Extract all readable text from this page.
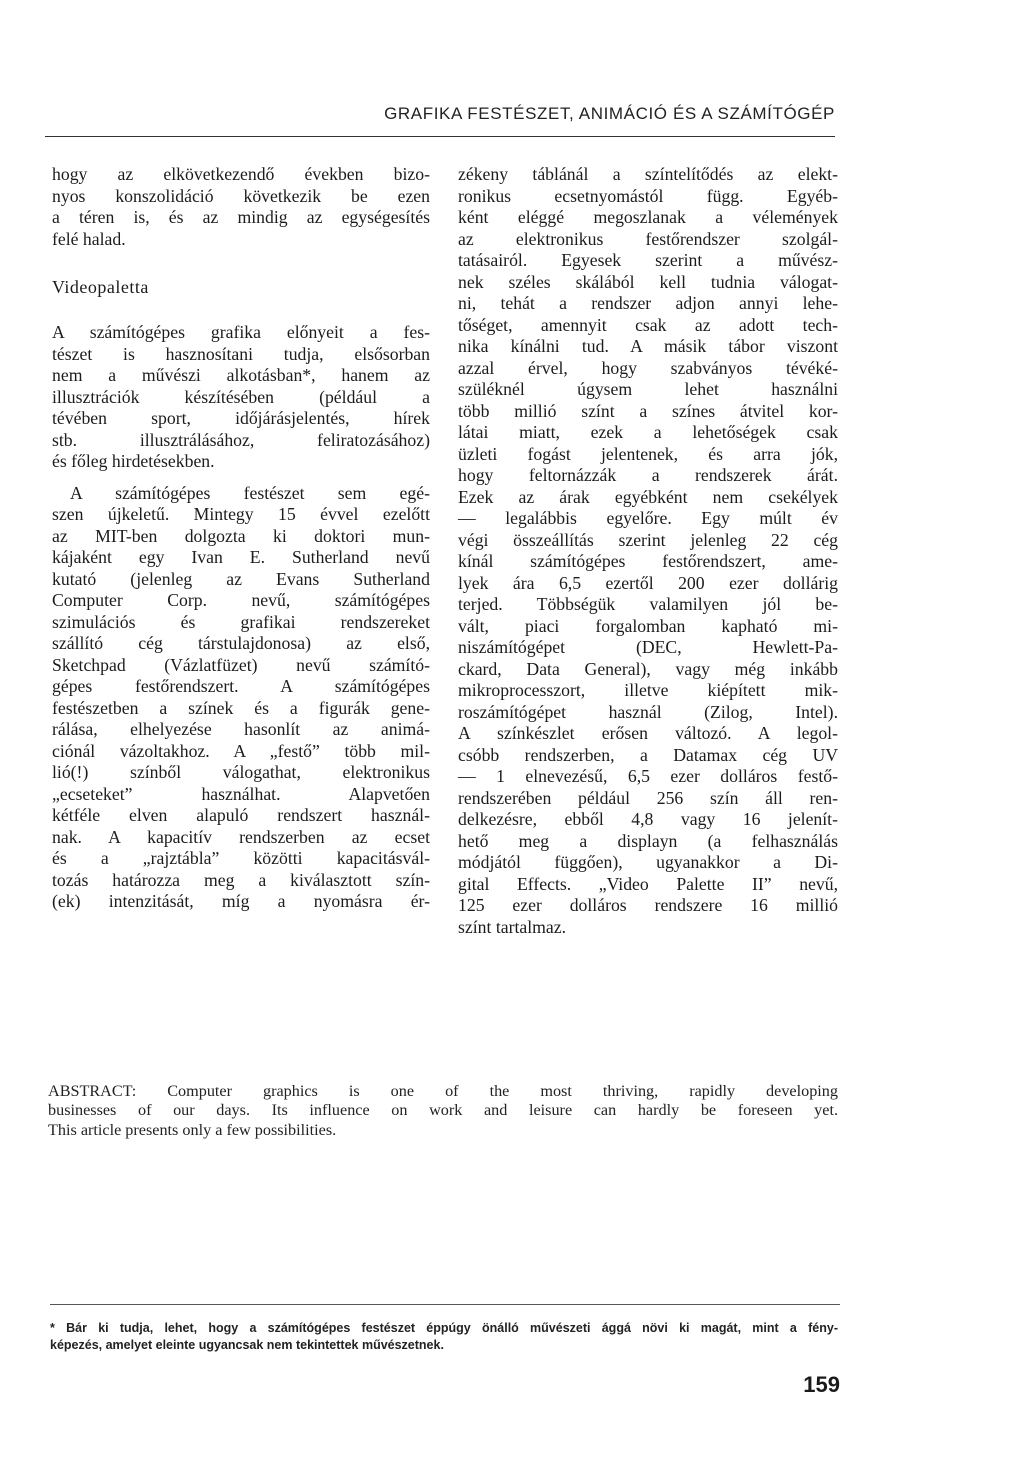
GRAFIKA FESTÉSZET, ANIMÁCIÓ ÉS A SZÁMÍTÓGÉP
hogy az elkövetkezendő években bizo-
nyos konszolidáció következik be ezen
a téren is, és az mindig az egységesítés
felé halad.
Videopaletta
A számítógépes grafika előnyeit a fes-
tészet is hasznosítani tudja, elsősorban
nem a művészi alkotásban*, hanem az
illusztrációk készítésében (például a
tévében sport, időjárásjelentés, hírek
stb. illusztrálásához, feliratozásához)
és főleg hirdetésekben.
A számítógépes festészet sem egé-
szen újkeletű. Mintegy 15 évvel ezelőtt
az MIT-ben dolgozta ki doktori mun-
kájaként egy Ivan E. Sutherland nevű
kutató (jelenleg az Evans Sutherland
Computer Corp. nevű, számítógépes
szimulációs és grafikai rendszereket
szállító cég társtulajdonosa) az első,
Sketchpad (Vázlatfüzet) nevű számító-
gépes festőrendszert. A számítógépes
festészetben a színek és a figurák gene-
rálása, elhelyezése hasonlít az animá-
ciónál vázoltakhoz. A „festő” több mil-
lió(!) színből válogathat, elektronikus
„ecseteket” használhat. Alapvetően
kétféle elven alapuló rendszert használ-
nak. A kapacitív rendszerben az ecset
és a „rajztábla” közötti kapacitásvál-
tozás határozza meg a kiválasztott szín-
(ek) intenzitását, míg a nyomásra ér-
zékeny táblánál a színtelítődés az elekt-
ronikus ecsetnyomástól függ. Egyéb-
ként eléggé megoszlanak a vélemények
az elektronikus festőrendszer szolgál-
tatásairól. Egyesek szerint a művész-
nek széles skálából kell tudnia válogat-
ni, tehát a rendszer adjon annyi lehe-
tőséget, amennyit csak az adott tech-
nika kínálni tud. A másik tábor viszont
azzal érvel, hogy szabványos tévéké-
szüléknél úgysem lehet használni
több millió színt a színes átvitel kor-
látai miatt, ezek a lehetőségek csak
üzleti fogást jelentenek, és arra jók,
hogy feltornázzák a rendszerek árát.
Ezek az árak egyébként nem csekélyek
— legalábbis egyelőre. Egy múlt év
végi összeállítás szerint jelenleg 22 cég
kínál számítógépes festőrendszert, ame-
lyek ára 6,5 ezertől 200 ezer dollárig
terjed. Többségük valamilyen jól be-
vált, piaci forgalomban kapható mi-
niszámítógépet (DEC, Hewlett-Pa-
ckard, Data General), vagy még inkább
mikroprocesszort, illetve kiépített mik-
roszámítógépet használ (Zilog, Intel).
A színkészlet erősen változó. A legol-
csóbb rendszerben, a Datamax cég UV
— 1 elnevezésű, 6,5 ezer dolláros festő-
rendszerében például 256 szín áll ren-
delkezésre, ebből 4,8 vagy 16 jelenít-
hető meg a displayn (a felhasználás
módjától függően), ugyanakkor a Di-
gital Effects. „Video Palette II” nevű,
125 ezer dolláros rendszere 16 millió
színt tartalmaz.
ABSTRACT: Computer graphics is one of the most thriving, rapidly developing
businesses of our days. Its influence on work and leisure can hardly be foreseen yet.
This article presents only a few possibilities.
* Bár ki tudja, lehet, hogy a számítógépes festészet éppúgy önálló művészeti ággá növi ki magát, mint a fény-
képezés, amelyet eleinte ugyancsak nem tekintettek művészetnek.
159
